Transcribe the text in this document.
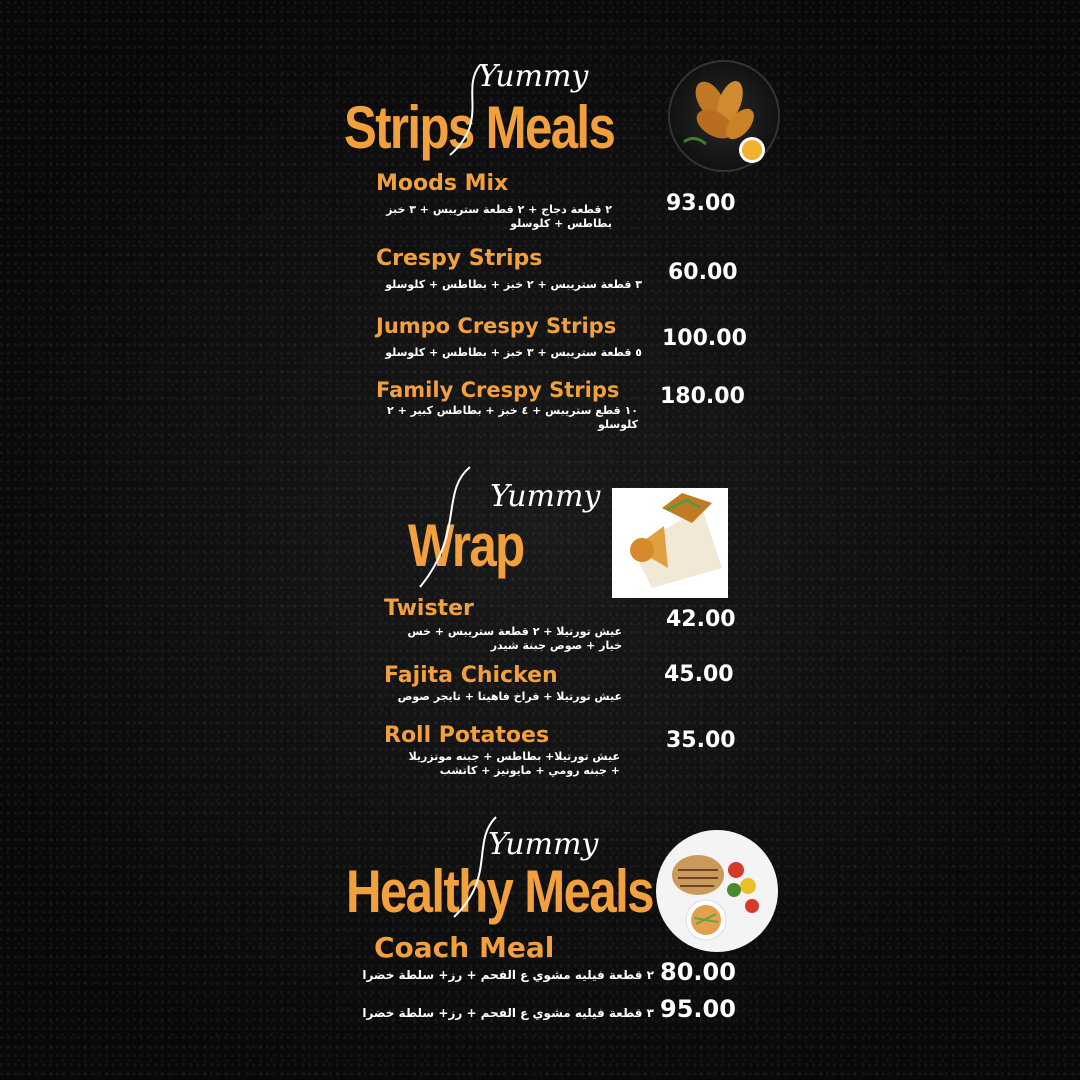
Strips Meals
Yummy
Moods Mix
٢ قطعة دجاج + ٢ قطعة ستريبس + ٣ خبز
بطاطس + كلوسلو
93.00
Crespy Strips
٣ قطعة ستريبس + ٢ خبز + بطاطس + كلوسلو 60.00
Jumpo Crespy Strips
٥ قطعة ستريبس + ٣ خبز + بطاطس + كلوسلو
100.00
Family Crespy Strips
١٠ قطع ستريبس + ٤ خبز + بطاطس كبير + ٢ كلوسلو
180.00
Wrap
Yummy
Twister
عيش تورتيلا + ٢ قطعة ستريبس + خس
خيار + صوص جبنة شيدر
42.00
Fajita Chicken
عيش تورتيلا + فراخ فاهيتا + تايجر صوص
45.00
Roll Potatoes
عيش تورتيلا+ بطاطس + جبنه موتزريلا
+ جبنه رومي + مايونيز + كاتشب
35.00
Healthy Meals
Yummy
Coach Meal
٢ قطعة فيليه مشوي ع الفحم + رز+ سلطة خضرا 80.00
٣ قطعة فيليه مشوي ع الفحم + رز+ سلطة خضرا 95.00
